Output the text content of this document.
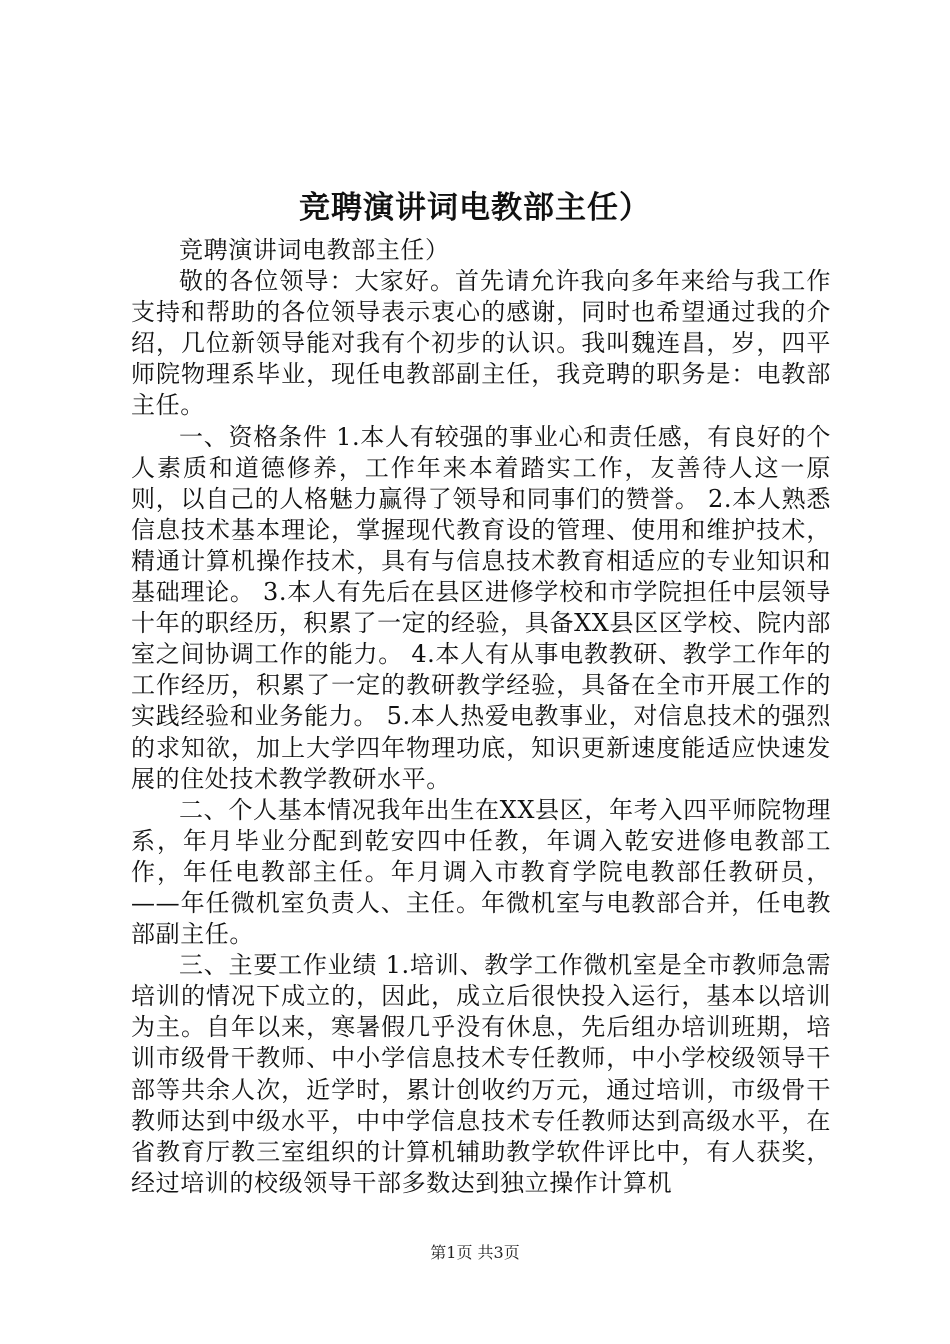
竞聘演讲词电教部主任）

竞聘演讲词电教部主任）

敬的各位领导：大家好。首先请允许我向多年来给与我工作支持和帮助的各位领导表示衷心的感谢，同时也希望通过我的介绍，几位新领导能对我有个初步的认识。我叫魏连昌，岁，四平师院物理系毕业，现任电教部副主任，我竞聘的职务是：电教部主任。

一、资格条件 1.本人有较强的事业心和责任感，有良好的个人素质和道德修养，工作年来本着踏实工作，友善待人这一原则，以自己的人格魅力赢得了领导和同事们的赞誉。 2.本人熟悉信息技术基本理论，掌握现代教育设的管理、使用和维护技术，精通计算机操作技术，具有与信息技术教育相适应的专业知识和基础理论。 3.本人有先后在县区进修学校和市学院担任中层领导十年的职经历，积累了一定的经验，具备XX县区区学校、院内部室之间协调工作的能力。 4.本人有从事电教教研、教学工作年的工作经历，积累了一定的教研教学经验，具备在全市开展工作的实践经验和业务能力。 5.本人热爱电教事业，对信息技术的强烈的求知欲，加上大学四年物理功底，知识更新速度能适应快速发展的住处技术教学教研水平。

二、个人基本情况我年出生在XX县区，年考入四平师院物理系，年月毕业分配到乾安四中任教，年调入乾安进修电教部工作，年任电教部主任。年月调入市教育学院电教部任教研员，——年任微机室负责人、主任。年微机室与电教部合并，任电教部副主任。

三、主要工作业绩 1.培训、教学工作微机室是全市教师急需培训的情况下成立的，因此，成立后很快投入运行，基本以培训为主。自年以来，寒暑假几乎没有休息，先后组办培训班期，培训市级骨干教师、中小学信息技术专任教师，中小学校级领导干部等共余人次，近学时，累计创收约万元，通过培训，市级骨干教师达到中级水平，中中学信息技术专任教师达到高级水平，在省教育厅教三室组织的计算机辅助教学软件评比中，有人获奖，经过培训的校级领导干部多数达到独立操作计算机

第1页 共3页
